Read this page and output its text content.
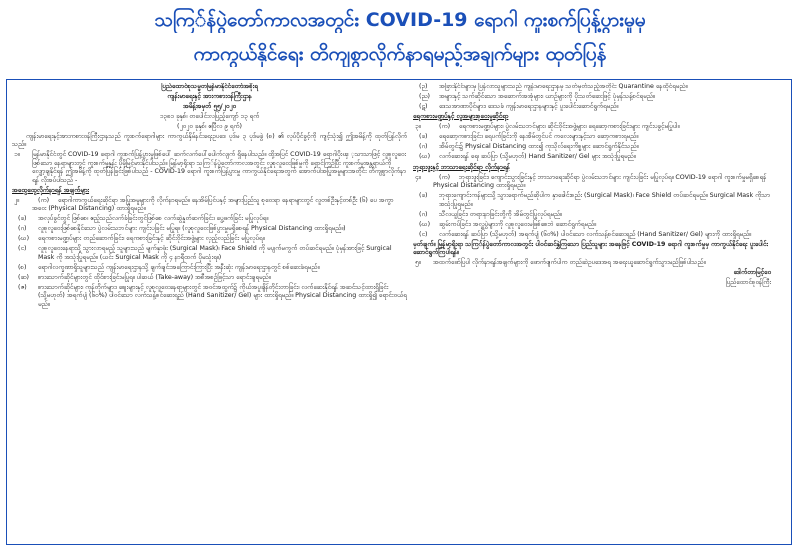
သကြ်န်ပွဲတော်ကာလအတွင်း COVID-19 ရောဂါ ကူးစက်ပြန့်ပွားမှုမှ
ကာကွယ်နိုင်ရေး တိကျစွာလိုက်နာရမည့်အချက်များ ထုတ်ပြန်

ပြည်ထောင်စုသမ္မတမြန်မာနိုင်ငံတော်အစိုးရ

ကျန်းမာရေးနှင့် အားကစားဝန်ကြီးဌာန

အမိန့်အမှတ် ၅၅/၂၀၂၀

၁၃၈၁ ခုနှစ်၊ တပေါင်းလပြည့်ကျော် ၁၃ ရက်

(၂၀၂၀ ခုနှစ်၊ ဧပြီလ ၉ ရက်)

ကျန်းမာရေးနှင့်အားကစားဝန်ကြီးဌာနသည် ကူးစက်ရောဂါများ ကာကွယ်နှိမ်နင်းရေးဥပဒေ ပုဒ်မ ၃ ပုဒ်မခွဲ (စ) ၏ လုပ်ပိုင်ခွင့်ကို ကျင့်သုံး၍ ဤအမိန့်ကို ထုတ်ပြန်လိုက်သည်။

၁။	မြန်မာနိုင်ငံတွင် COVID-19 ရောဂါ ကူးစက်ပြန့်ပွားမှုဖြစ်ပေါ် ဆက်လက်ပေါ်ပေါက်လျက် ရှိနေပါသည်။ ထို့အပြင် COVID-19 ရောဂါပိုးၾ ့သာသာဖြင့် လူစုလူဝေးဖြစ်သော နေရာများတွင် ကူးစက်မှုနှုန်း ပိုမိုမြင့်မားနိုင်ပါသည်။ မြန်မာ့ရိုးရာ သကြ်န်ပွဲတော်ကာလအတွင်း လူစုလူဝေးဖြစ်မှုကို ရှောင်ကြဉ်ပြီး ကူးစက်မှုအန္တရာယ်ကို လျှော့ချနိုင်ရန် ဤအမိန့်ကို ထုတ်ပြန်ခြင်းဖြစ်ပါသည် - COVID-19 ရောဂါ ကူးစက်ပြန့်ပွားမှု ကာကွယ်နိုင်ရေးအတွက် အောက်ပါအပြုအမူများအတိုင်း တိကျစွာလိုက်နာရန် လိုအပ်ပါသည် -

အထွေထွေလိုက်နာရန် အချက်များ

၂။	(က)	ရောဂါကာကွယ်ရေးဆိုင်ရာ အပြုအမူများကို လိုက်နာရမည်။ နေအိမ်ပြင်ပနှင့် အများပြည်သူ စုဝေးရာ နေရာများတွင် လူတစ်ဦးနှင့်တစ်ဦး (၆) ပေ အကွာအဝေး (Physical Distancing) ထားရှိရမည်။

(ခ)	အလုပ်ခွင်တွင် ဖြစ်စေ၊ ဧည့်သည်လက်ခံခြင်းတွင်ဖြစ်စေ လက်ဆွဲနှုတ်ဆက်ခြင်း၊ ပွေ့ဖက်ခြင်း မပြုလုပ်ရ။

(ဂ)	လူစုလူဝေးဖြစ်စေနိုင်သော ပွဲလမ်းသဘင်များ ကျင်းပခြင်း မပြုရ။ (လူစုလူဝေးဖြစ်ပွားမှုမရှိစေရန် Physical Distancing ထားရှိရမည်။)

(ဃ)	ရေကစားမဏ္ဍပ်များ တည်ဆောက်ခြင်း၊ ရေကစားခြင်းနှင့် ဆိုင်းဝိုင်းအဖွဲ့များ လှည့်လည်ခြင်း မပြုလုပ်ရ။

(င)	လူစုလူဝေးနေရာသို့ သွားလာရမည့် သူများသည် မျက်နှာဖုံး (Surgical Mask)၊ Face Shield ကို မပျက်မကွက် တပ်ဆင်ရမည်။ ပုံမှန်အားဖြင့် Surgical Mask ကို အသုံးပြုရမည်။ (ယင်း Surgical Mask ကို ၄ နာရီထက် ပိုမသုံးရ။)

(စ)	ရောဂါလက္ခဏာရှိသူများသည် ကျန်းမာရေးဌာနသို့ ချက်ချင်းအကြောင်းကြားပြီး အနီးဆုံး ကျန်းမာရေးဌာနတွင် စစ်ဆေးခံရမည်။

(ဆ)	စားသောက်ဆိုင်များတွင် ထိုင်စားခြင်းမပြုရ။ ပါဆယ် (Take-away) အစီအစဉ်ဖြင့်သာ ရောင်းချရမည်။

(ဇ)	စားသောက်ဆိုင်များ၊ ကုန်တိုက်များ၊ စျေးများနှင့် လူစုလူဝေးနေရာများတွင် အဝင်အထွက်၌ ကိုယ်အပူချိန်တိုင်းတာခြင်း၊ လက်ဆေးနိုင်ရန် အဆင်သင့်ထားရှိခြင်း (သို့မဟုတ်) အရက်ပျံ (၆၀%) ပါဝင်သော လက်သန့်စင်ဆေးရည် (Hand Sanitizer/ Gel) များ ထားရှိရမည်။ Physical Distancing ထားရှိ၍ ရောင်းဝယ်ရမည်။

(ဉ)	အခြားနိုင်ငံများမှ ပြန်လာသူများသည် ကျန်းမာရေးဌာနမှ သတ်မှတ်သည့်အတိုင်း Quarantine နေထိုင်ရမည်။

(ည)	အများနှင့် သက်ဆိုင်သော အဆောက်အအုံများ၊ ယာဉ်များကို ပိုးသတ်ဆေးဖြင့် ပုံမှန်သန့်စင်ရမည်။

(ဋ)	ဒေသအာဏာပိုင်များ၊ ဒေသခံ ကျန်းမာရေးဌာနများနှင့် ပူးပေါင်းဆောင်ရွက်ရမည်။

ရေကစားမဏ္ဍပ်နှင့် လူအများစုဝေးမှုဆိုင်ရာ

၃။	(က)	ရေကစားမဏ္ဍပ်များ၊ ပွဲလမ်းသဘင်များ၊ ဆိုင်းဝိုင်းအဖွဲ့များ၊ ရေဆော့ကစားခြင်းများ ကျင်းပခွင့်မပြုပါ။

(ခ)	ရေဆော့ကစားခြင်း၊ ရေပက်ခြင်းကို နေအိမ်တွင်ပင် ကလေးများနှင့်သာ ဆော့ကစားရမည်။

(ဂ)	အိမ်တွင်း၌ Physical Distancing ထား၍ ကုသိုလ်ရေးကိစ္စများ ဆောင်ရွက်နိုင်သည်။

(ဃ)	လက်ဆေးရန် ရေ၊ ဆပ်ပြာ (သို့မဟုတ်) Hand Sanitizer/ Gel များ အသုံးပြုရမည်။

ဘုရားဖူးနှင့် ဘာသာရေးဆိုင်ရာ လိုက်နာရန်

၄။	(က)	ဘုရားဖူးခြင်း၊ ကျောင်းသွားခြင်းနှင့် ဘာသာရေးဆိုင်ရာ ပွဲလမ်းသဘင်များ ကျင်းပခြင်း မပြုလုပ်ရ။ COVID-19 ရောဂါ ကူးစက်မှုမရှိစေရန် Physical Distancing ထားရှိရမည်။

(ခ)	ဘုရားကျောင်းကန်များသို့ သွားရောက်မည်ဆိုပါက နှာခေါင်းစည်း (Surgical Mask)၊ Face Shield တပ်ဆင်ရမည်။ Surgical Mask ကိုသာ အသုံးပြုရမည်။

(ဂ)	သီလယူခြင်း၊ တရားနာခြင်းတို့ကို အိမ်တွင်ပြုလုပ်ရမည်။

(ဃ)	ဆွမ်းကပ်ခြင်း၊ အလှူပွဲများကို လူစုလူဝေးမဖြစ်စေဘဲ ဆောင်ရွက်ရမည်။

(င)	လက်ဆေးရန် ဆပ်ပြာ (သို့မဟုတ်) အရက်ပျံ (၆၀%) ပါဝင်သော လက်သန့်စင်ဆေးရည် (Hand Sanitizer/ Gel) များကို ထားရှိရမည်။

မှတ်ချက်။ မြန်မာ့ရိုးရာ သကြ်န်ပွဲတော်ကာလအတွင်း ပါဝင်ဆင်နွှဲကြသော ပြည်သူများ အနေဖြင့် COVID-19 ရောဂါ ကူးစက်မှုမှ ကာကွယ်နိုင်ရေး ပူးပေါင်းဆောင်ရွက်ကြပါရန်။

၅။	အထက်ဖော်ပြပါ လိုက်နာရန်အချက်များကို ဖောက်ဖျက်ပါက တည်ဆဲဥပဒေအရ အရေးယူဆောင်ရွက်သွားမည်ဖြစ်ပါသည်။

ဒေါက်တာမြင့်ဝေ

ပြည်ထောင်စုဝန်ကြီး
